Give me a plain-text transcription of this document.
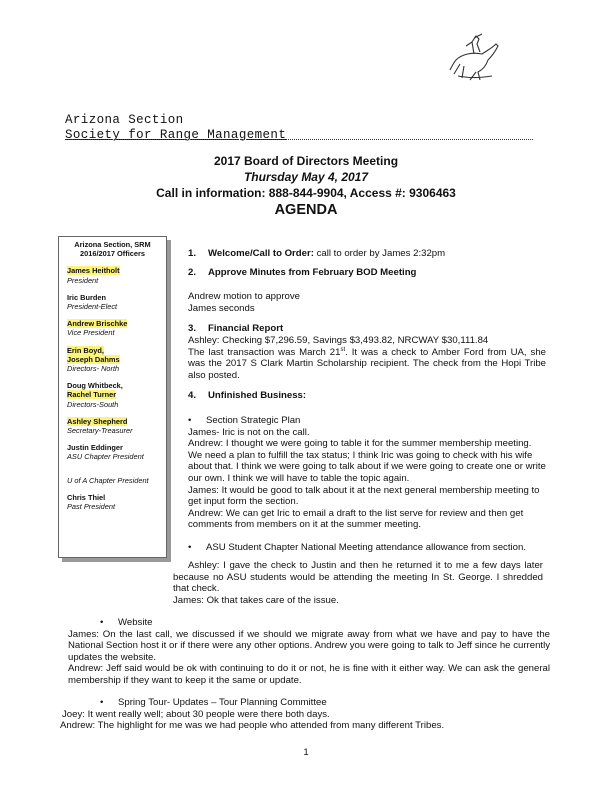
Arizona Section
Society for Range Management
2017 Board of Directors Meeting
Thursday May 4, 2017
Call in information: 888-844-9904, Access #: 9306463
AGENDA
Arizona Section, SRM
2016/2017 Officers
James Heitholt
President
Iric Burden
President-Elect
Andrew Brischke
Vice President
Erin Boyd,
Joseph Dahms
Directors- North
Doug Whitbeck,
Rachel Turner
Directors-South
Ashley Shepherd
Secretary-Treasurer
Justin Eddinger
ASU Chapter President
U of A Chapter President
Chris Thiel
Past President

1. Welcome/Call to Order: call to order by James 2:32pm

2. Approve Minutes from February BOD Meeting

Andrew motion to approve

James seconds

3. Financial Report

Ashley: Checking $7,296.59, Savings $3,493.82, NRCWAY $30,111.84

The last transaction was March 21st. It was a check to Amber Ford from UA, she was the 2017 S Clark Martin Scholarship recipient. The check from the Hopi Tribe also posted.

4. Unfinished Business:

• Section Strategic Plan

James- Iric is not on the call.

Andrew: I thought we were going to table it for the summer membership meeting. We need a plan to fulfill the tax status; I think Iric was going to check with his wife about that. I think we were going to talk about if we were going to create one or write our own. I think we will have to table the topic again.

James: It would be good to talk about it at the next general membership meeting to get input form the section.

Andrew: We can get Iric to email a draft to the list serve for review and then get comments from members on it at the summer meeting.

• ASU Student Chapter National Meeting attendance allowance from section.

Ashley: I gave the check to Justin and then he returned it to me a few days later because no ASU students would be attending the meeting In St. George. I shredded that check.

James: Ok that takes care of the issue.

• Website

James: On the last call, we discussed if we should we migrate away from what we have and pay to have the National Section host it or if there were any other options. Andrew you were going to talk to Jeff since he currently updates the website.

Andrew: Jeff said would be ok with continuing to do it or not, he is fine with it either way. We can ask the general membership if they want to keep it the same or update.

• Spring Tour- Updates – Tour Planning Committee

Joey: It went really well; about 30 people were there both days.

Andrew: The highlight for me was we had people who attended from many different Tribes.

1
